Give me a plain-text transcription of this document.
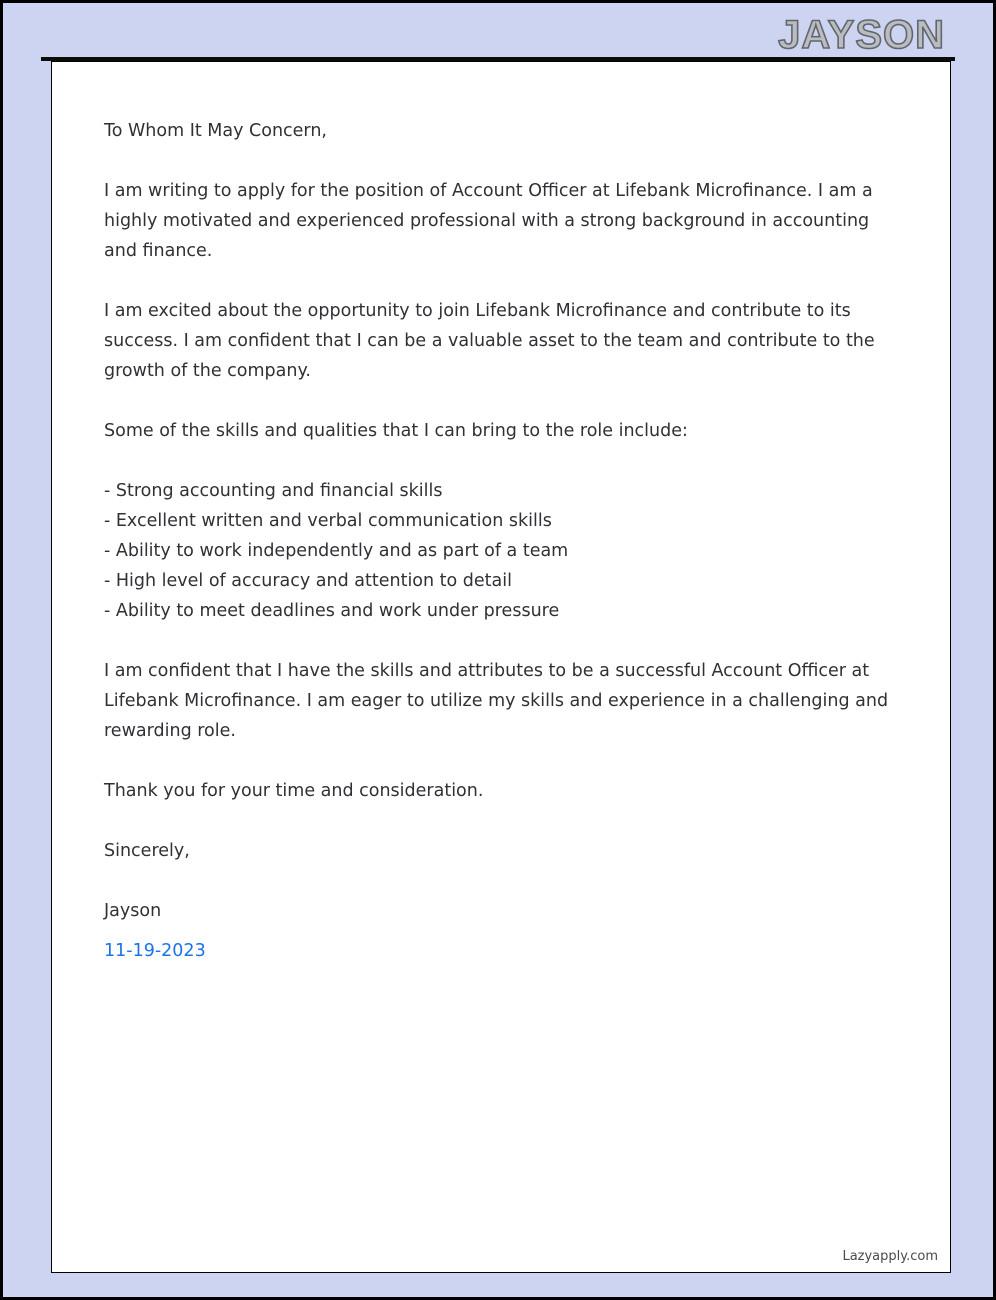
JAYSON

To Whom It May Concern,

I am writing to apply for the position of Account Officer at Lifebank Microfinance. I am a highly motivated and experienced professional with a strong background in accounting and finance.

I am excited about the opportunity to join Lifebank Microfinance and contribute to its success. I am confident that I can be a valuable asset to the team and contribute to the growth of the company.

Some of the skills and qualities that I can bring to the role include:

- Strong accounting and financial skills
- Excellent written and verbal communication skills
- Ability to work independently and as part of a team
- High level of accuracy and attention to detail
- Ability to meet deadlines and work under pressure

I am confident that I have the skills and attributes to be a successful Account Officer at Lifebank Microfinance. I am eager to utilize my skills and experience in a challenging and rewarding role.

Thank you for your time and consideration.

Sincerely,

Jayson

11-19-2023

Lazyapply.com
